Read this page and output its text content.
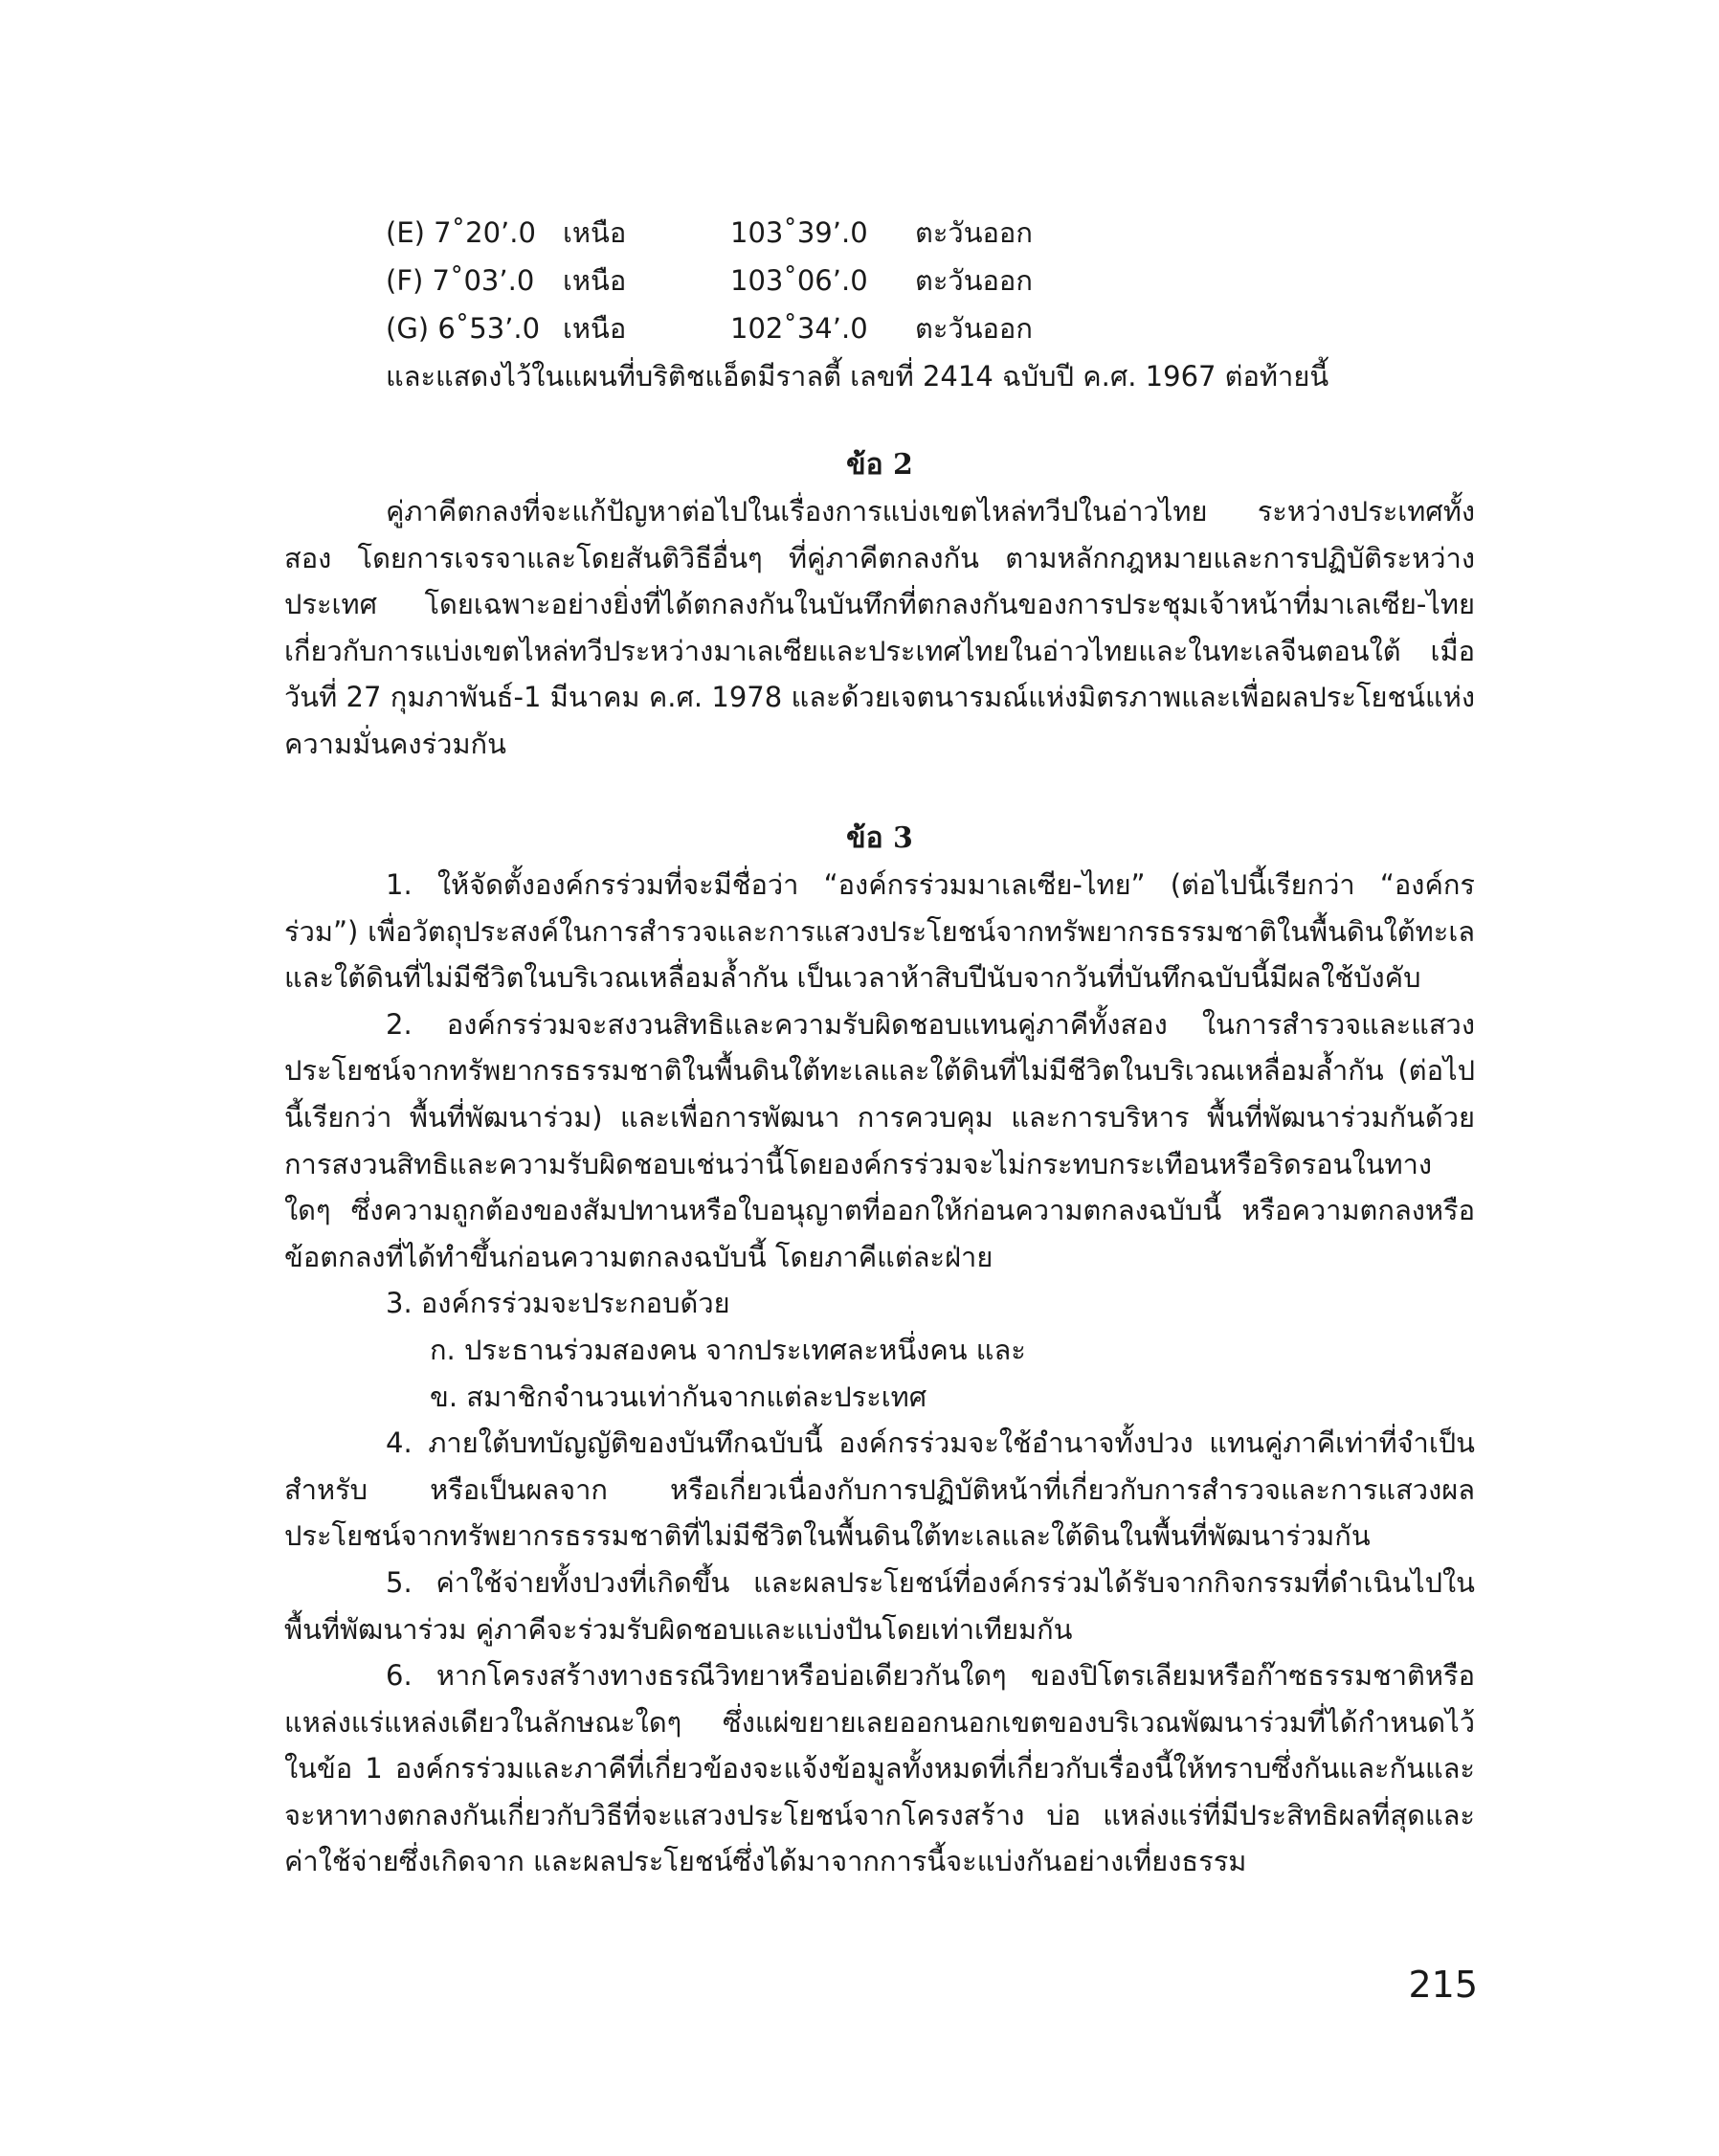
(E) 7˚20’.0 เหนือ	103˚39’.0	ตะวันออก
(F) 7˚03’.0	เหนือ	103˚06’.0	ตะวันออก
(G) 6˚53’.0 เหนือ	102˚34’.0	ตะวันออก
และแสดงไว้ในแผนที่บริติชแอ็ดมีราลตี้ เลขที่ 2414 ฉบับปี ค.ศ. 1967 ต่อท้ายนี้
ข้อ 2

คู่ภาคีตกลงที่จะแก้ปัญหาต่อไปในเรื่องการแบ่งเขตไหล่ทวีปในอ่าวไทย ระหว่างประเทศทั้งสอง โดยการเจรจาและโดยสันติวิธีอื่นๆ ที่คู่ภาคีตกลงกัน ตามหลักกฎหมายและการปฏิบัติระหว่างประเทศ โดยเฉพาะอย่างยิ่งที่ได้ตกลงกันในบันทึกที่ตกลงกันของการประชุมเจ้าหน้าที่มาเลเซีย-ไทยเกี่ยวกับการแบ่งเขตไหล่ทวีประหว่างมาเลเซียและประเทศไทยในอ่าวไทยและในทะเลจีนตอนใต้ เมื่อวันที่ 27 กุมภาพันธ์-1 มีนาคม ค.ศ. 1978 และด้วยเจตนารมณ์แห่งมิตรภาพและเพื่อผลประโยชน์แห่งความมั่นคงร่วมกัน

ข้อ 3

1. ให้จัดตั้งองค์กรร่วมที่จะมีชื่อว่า “องค์กรร่วมมาเลเซีย-ไทย” (ต่อไปนี้เรียกว่า “องค์กรร่วม”) เพื่อวัตถุประสงค์ในการสำรวจและการแสวงประโยชน์จากทรัพยากรธรรมชาติในพื้นดินใต้ทะเลและใต้ดินที่ไม่มีชีวิตในบริเวณเหลื่อมล้ำกัน เป็นเวลาห้าสิบปีนับจากวันที่บันทึกฉบับนี้มีผลใช้บังคับ

2. องค์กรร่วมจะสงวนสิทธิและความรับผิดชอบแทนคู่ภาคีทั้งสอง ในการสำรวจและแสวงประโยชน์จากทรัพยากรธรรมชาติในพื้นดินใต้ทะเลและใต้ดินที่ไม่มีชีวิตในบริเวณเหลื่อมล้ำกัน (ต่อไปนี้เรียกว่า พื้นที่พัฒนาร่วม) และเพื่อการพัฒนา การควบคุม และการบริหาร พื้นที่พัฒนาร่วมกันด้วยการสงวนสิทธิและความรับผิดชอบเช่นว่านี้โดยองค์กรร่วมจะไม่กระทบกระเทือนหรือริดรอนในทางใดๆ ซึ่งความถูกต้องของสัมปทานหรือใบอนุญาตที่ออกให้ก่อนความตกลงฉบับนี้ หรือความตกลงหรือข้อตกลงที่ได้ทำขึ้นก่อนความตกลงฉบับนี้ โดยภาคีแต่ละฝ่าย

3. องค์กรร่วมจะประกอบด้วย

ก. ประธานร่วมสองคน จากประเทศละหนึ่งคน และ

ข. สมาชิกจำนวนเท่ากันจากแต่ละประเทศ

4. ภายใต้บทบัญญัติของบันทึกฉบับนี้ องค์กรร่วมจะใช้อำนาจทั้งปวง แทนคู่ภาคีเท่าที่จำเป็นสำหรับ หรือเป็นผลจาก หรือเกี่ยวเนื่องกับการปฏิบัติหน้าที่เกี่ยวกับการสำรวจและการแสวงผลประโยชน์จากทรัพยากรธรรมชาติที่ไม่มีชีวิตในพื้นดินใต้ทะเลและใต้ดินในพื้นที่พัฒนาร่วมกัน

5. ค่าใช้จ่ายทั้งปวงที่เกิดขึ้น และผลประโยชน์ที่องค์กรร่วมได้รับจากกิจกรรมที่ดำเนินไปในพื้นที่พัฒนาร่วม คู่ภาคีจะร่วมรับผิดชอบและแบ่งปันโดยเท่าเทียมกัน

6. หากโครงสร้างทางธรณีวิทยาหรือบ่อเดียวกันใดๆ ของปิโตรเลียมหรือก๊าซธรรมชาติหรือแหล่งแร่แหล่งเดียวในลักษณะใดๆ ซึ่งแผ่ขยายเลยออกนอกเขตของบริเวณพัฒนาร่วมที่ได้กำหนดไว้ในข้อ 1 องค์กรร่วมและภาคีที่เกี่ยวข้องจะแจ้งข้อมูลทั้งหมดที่เกี่ยวกับเรื่องนี้ให้ทราบซึ่งกันและกันและจะหาทางตกลงกันเกี่ยวกับวิธีที่จะแสวงประโยชน์จากโครงสร้าง บ่อ แหล่งแร่ที่มีประสิทธิผลที่สุดและค่าใช้จ่ายซึ่งเกิดจาก และผลประโยชน์ซึ่งได้มาจากการนี้จะแบ่งกันอย่างเที่ยงธรรม

215
